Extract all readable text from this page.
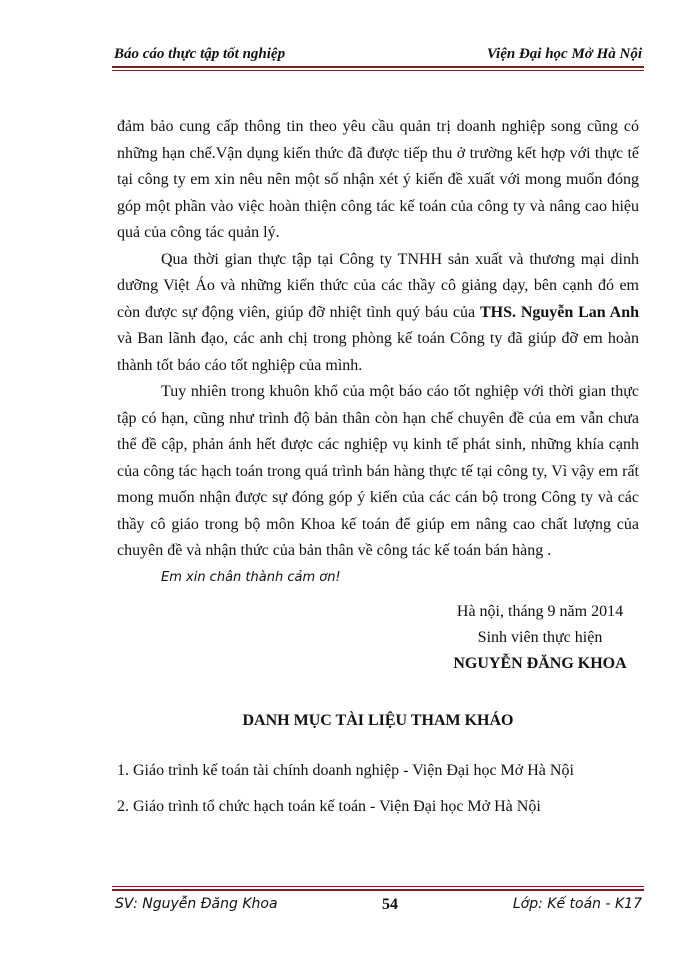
Báo cáo thực tập tốt nghiệp	Viện Đại học Mở Hà Nội

đảm bảo cung cấp thông tin theo yêu cầu quản trị doanh nghiệp song cũng có những hạn chế.Vận dụng kiến thức đã được tiếp thu ở trường kết hợp với thực tế tại công ty em xin nêu nên một số nhận xét ý kiến đề xuất với mong muốn đóng góp một phần vào việc hoàn thiện công tác kế toán của công ty và nâng cao hiệu quả của công tác quản lý.

Qua thời gian thực tập tại Công ty TNHH sản xuất và thương mại dinh dưỡng Việt Áo và những kiến thức của các thầy cô giảng dạy, bên cạnh đó em còn được sự động viên, giúp đỡ nhiệt tình quý báu của THS. Nguyễn Lan Anh và Ban lãnh đạo, các anh chị trong phòng kế toán Công ty đã giúp đỡ em hoàn thành tốt báo cáo tốt nghiệp của mình.

Tuy nhiên trong khuôn khổ của một báo cáo tốt nghiệp với thời gian thực tập có hạn, cũng như trình độ bản thân còn hạn chế chuyên đề của em vẫn chưa thể đề cập, phản ánh hết được các nghiệp vụ kinh tế phát sinh, những khía cạnh của công tác hạch toán trong quá trình bán hàng thực tế tại công ty, Vì vậy em rất mong muốn nhận được sự đóng góp ý kiến của các cán bộ trong Công ty và các thầy cô giáo trong bộ môn Khoa kế toán để giúp em nâng cao chất lượng của chuyên đề và nhận thức của bản thân về công tác kế toán bán hàng .

Em xin chân thành cảm ơn!

Hà nội, tháng 9 năm 2014
Sinh viên thực hiện
NGUYỄN ĐĂNG KHOA
DANH MỤC TÀI LIỆU THAM KHÁO
1. Giáo trình kế toán tài chính doanh nghiệp - Viện Đại học Mở Hà Nội
2. Giáo trình tổ chức hạch toán kế toán - Viện Đại học Mở Hà Nội
SV: Nguyễn Đăng Khoa	54	Lớp: Kế toán - K17
